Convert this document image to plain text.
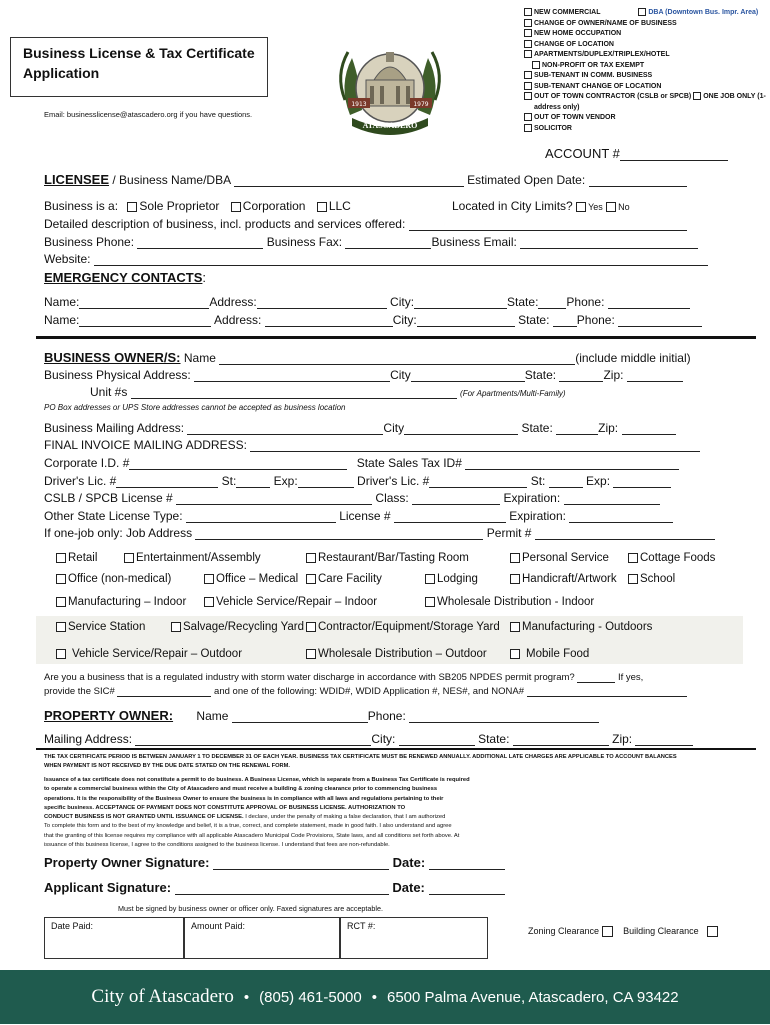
Business License & Tax Certificate
Application
Email: businesslicense@atascadero.org if you have questions.
1913	1979
ATASCADERO
NEW COMMERCIAL	DBA (Downtown Bus. Impr. Area)
CHANGE OF OWNER/NAME OF BUSINESS
NEW HOME OCCUPATION
CHANGE OF LOCATION
APARTMENTS/DUPLEX/TRIPLEX/HOTEL
NON-PROFIT OR TAX EXEMPT
SUB-TENANT IN COMM. BUSINESS
SUB-TENANT CHANGE OF LOCATION
OUT OF TOWN CONTRACTOR (CSLB or SPCB) ONE JOB ONLY (1-
address only)
OUT OF TOWN VENDOR
SOLICITOR
ACCOUNT #
LICENSEE / Business Name/DBA	Estimated Open Date:
Business is a: Sole Proprietor Corporation LLC	Located in City Limits? Yes No
Detailed description of business, incl. products and services offered:
Business Phone:	Business Fax:	Business Email:
Website:
EMERGENCY CONTACTS:
Name:	Address:	City:	State: Phone:
Name:	Address:	City:	State: Phone:
BUSINESS OWNER/S: Name	(include middle initial)
Business Physical Address:	City	State:	Zip:
Unit #s	(For Apartments/Multi-Family)
PO Box addresses or UPS Store addresses cannot be accepted as business location
Business Mailing Address:	City	State:	Zip:
FINAL INVOICE MAILING ADDRESS:
Corporate I.D. #	State Sales Tax ID#
Driver's Lic. #	St:	Exp:	Driver's Lic. #	St:	Exp:
CSLB / SPCB License #	Class:	Expiration:
Other State License Type:	License #	Expiration:
If one-job only: Job Address	Permit #
Retail	Entertainment/Assembly	Restaurant/Bar/Tasting Room	Personal Service	Cottage Foods
Office (non-medical)	Office – Medical	Care Facility	Lodging	Handicraft/Artwork	School
Manufacturing – Indoor	Vehicle Service/Repair – Indoor	Wholesale Distribution - Indoor
Service Station	Salvage/Recycling Yard	Contractor/Equipment/Storage Yard	Manufacturing - Outdoors
Vehicle Service/Repair – Outdoor	Wholesale Distribution – Outdoor	Mobile Food
Are you a business that is a regulated industry with storm water discharge in accordance with SB205 NPDES permit program?	If yes,
provide the SIC#	and one of the following: WDID#, WDID Application #, NES#, and NONA#
PROPERTY OWNER: Name	Phone:
Mailing Address:	City:	State:	Zip:
THE TAX CERTIFICATE PERIOD IS BETWEEN JANUARY 1 TO DECEMBER 31 OF EACH YEAR. BUSINESS TAX CERTIFICATE MUST BE RENEWED ANNUALLY. ADDITIONAL LATE CHARGES ARE APPLICABLE TO ACCOUNT BALANCES
WHEN PAYMENT IS NOT RECEIVED BY THE DUE DATE STATED ON THE RENEWAL FORM.
Issuance of a tax certificate does not constitute a permit to do business. A Business License, which is separate from a Business Tax Certificate is required
to operate a commercial business within the City of Atascadero and must receive a building & zoning clearance prior to commencing business
operations. It is the responsibility of the Business Owner to ensure the business is in compliance with all laws and regulations pertaining to their
specific business. ACCEPTANCE OF PAYMENT DOES NOT CONSTITUTE APPROVAL OF BUSINESS LICENSE. AUTHORIZATION TO
CONDUCT BUSINESS IS NOT GRANTED UNTIL ISSUANCE OF LICENSE. I declare, under the penalty of making a false declaration, that I am authorized
To complete this form and to the best of my knowledge and belief, it is a true, correct, and complete statement, made in good faith. I also understand and agree
that the granting of this license requires my compliance with all applicable Atascadero Municipal Code Provisions, State laws, and all conditions set forth above. At
issuance of this business license, I agree to the conditions assigned to the business license. I understand that fees are non-refundable.
Property Owner Signature:	Date:
Applicant Signature:	Date:
Must be signed by business owner or officer only. Faxed signatures are acceptable.
Date Paid:	Amount Paid:	RCT #:	Zoning Clearance	Building Clearance
City of Atascadero • (805) 461-5000 • 6500 Palma Avenue, Atascadero, CA 93422
